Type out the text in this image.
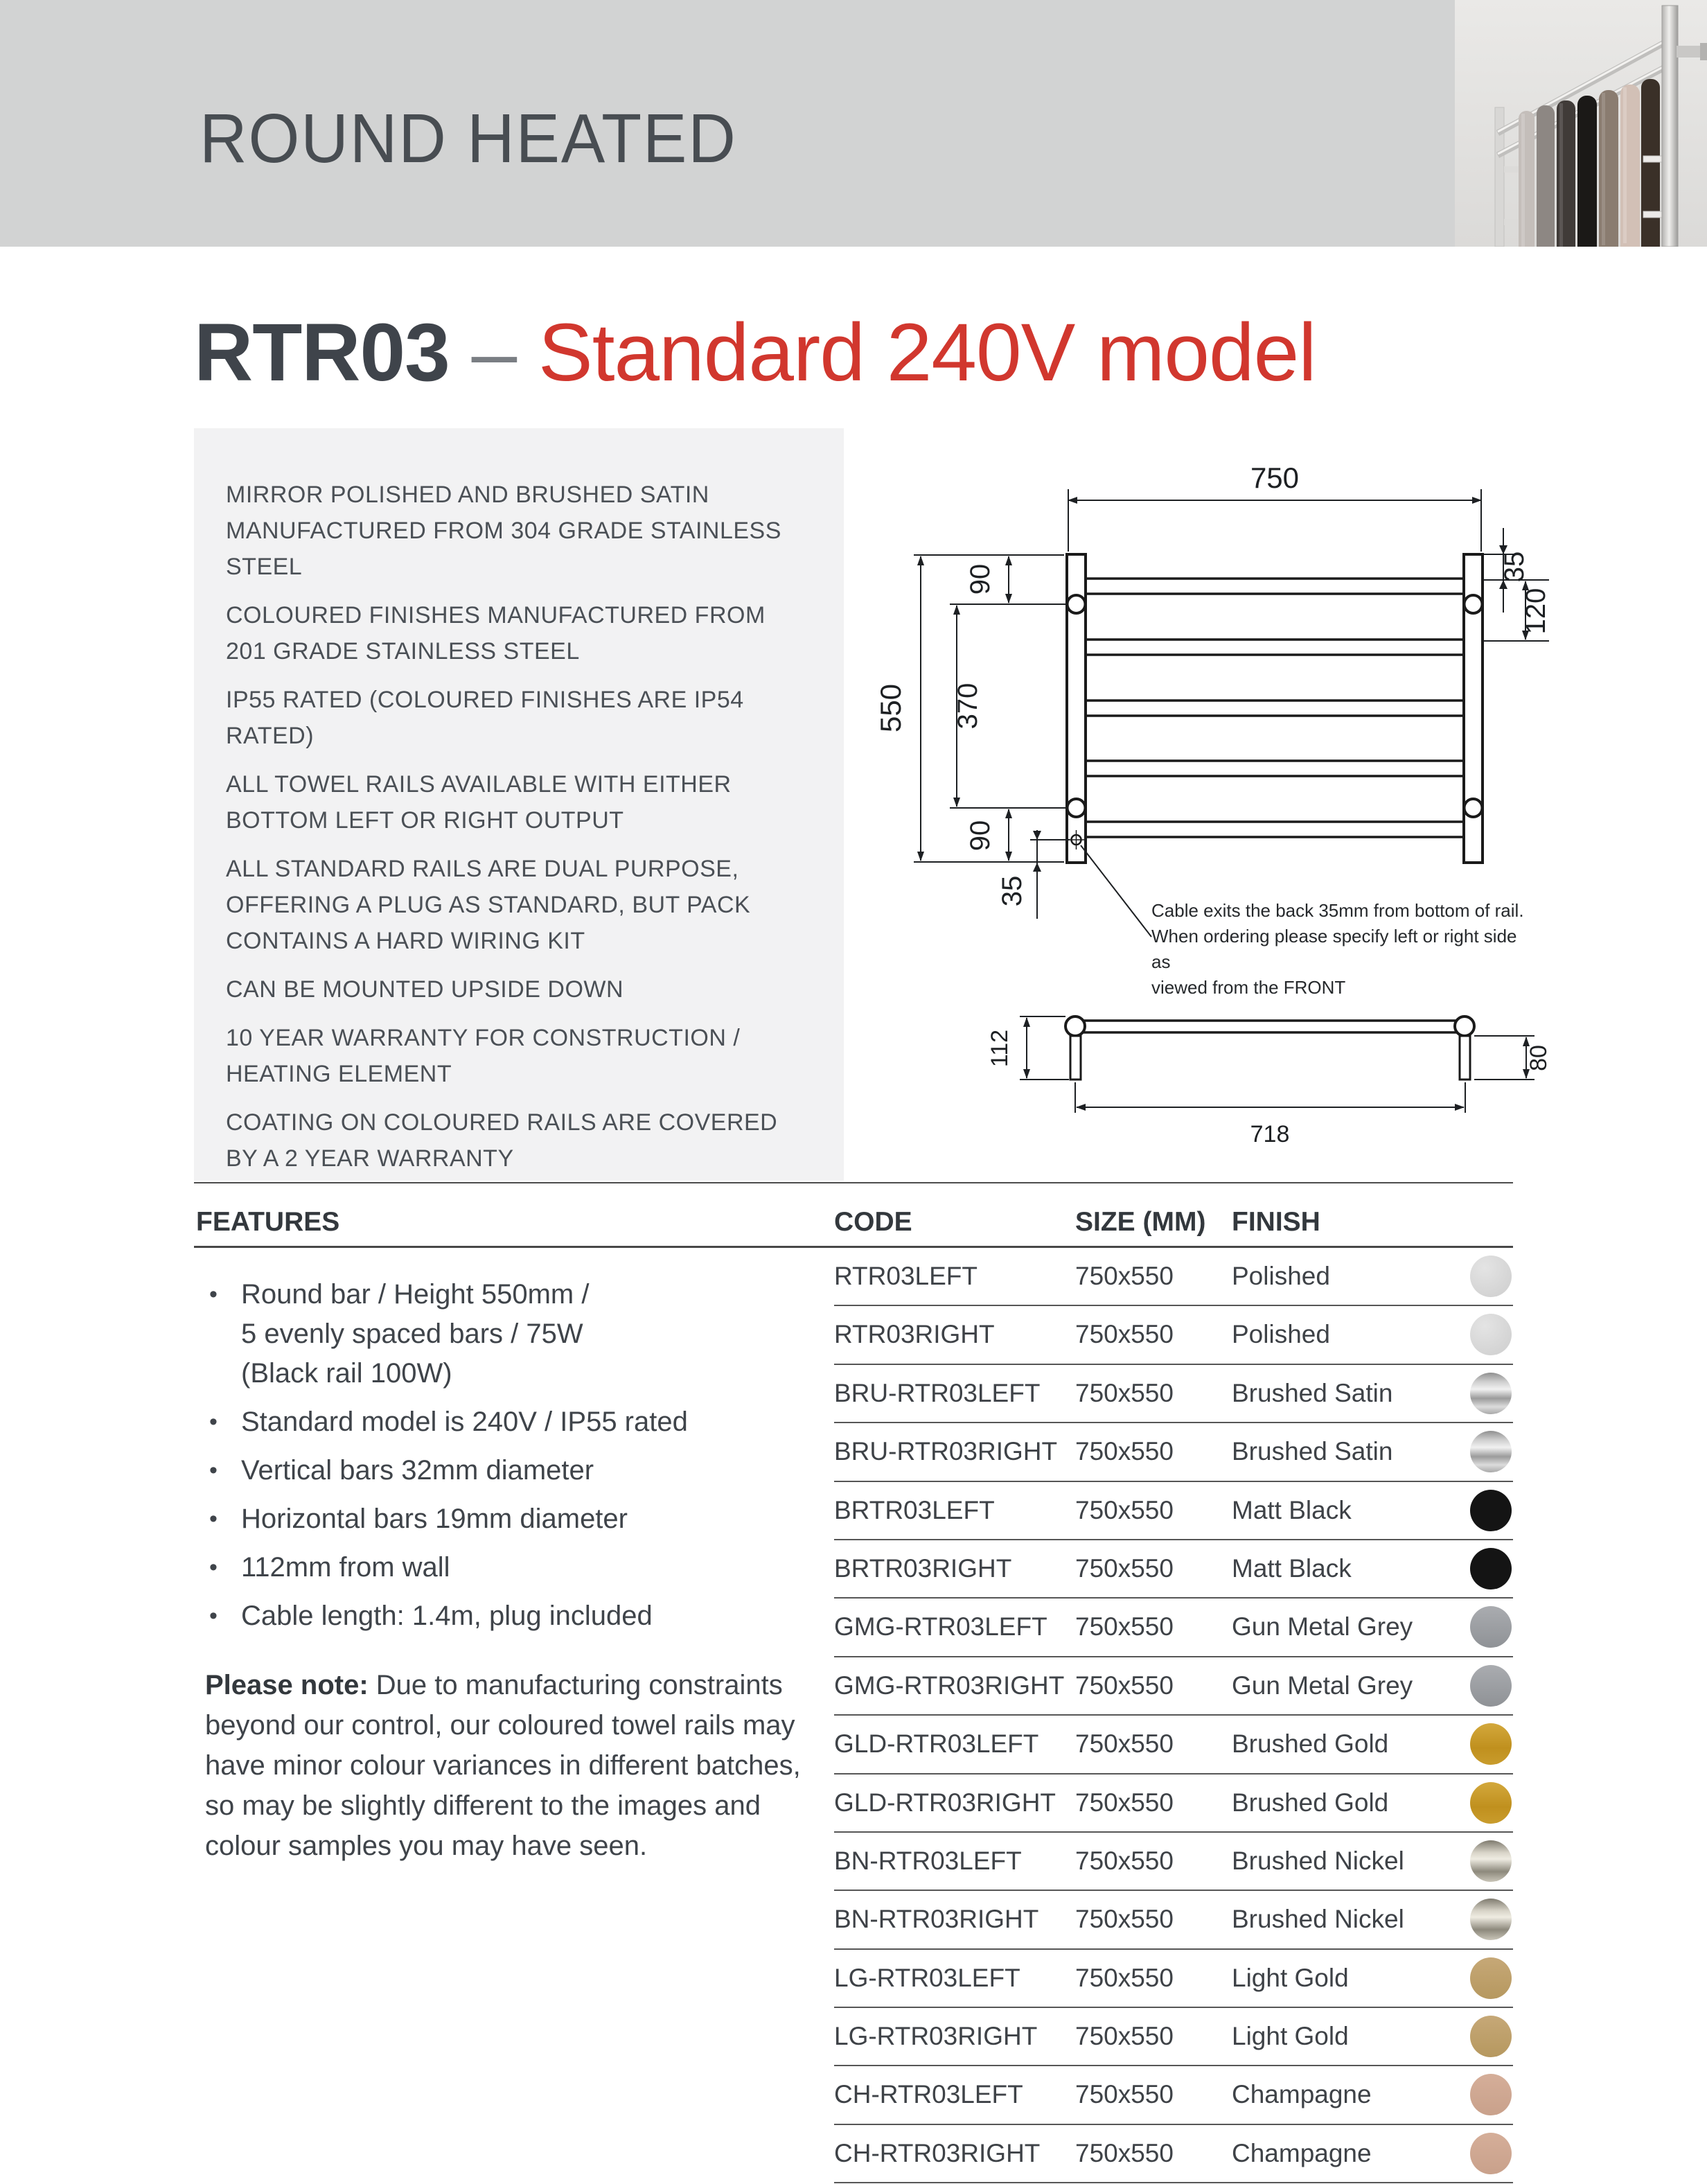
ROUND HEATED
RTR03 – Standard 240V model

MIRROR POLISHED AND BRUSHED SATIN MANUFACTURED FROM 304 GRADE STAINLESS STEEL

COLOURED FINISHES MANUFACTURED FROM 201 GRADE STAINLESS STEEL

IP55 RATED (COLOURED FINISHES ARE IP54 RATED)

ALL TOWEL RAILS AVAILABLE WITH EITHER BOTTOM LEFT OR RIGHT OUTPUT

ALL STANDARD RAILS ARE DUAL PURPOSE, OFFERING A PLUG AS STANDARD, BUT PACK CONTAINS A HARD WIRING KIT

CAN BE MOUNTED UPSIDE DOWN

10 YEAR WARRANTY FOR CONSTRUCTION / HEATING ELEMENT

COATING ON COLOURED RAILS ARE COVERED BY A 2 YEAR WARRANTY

750
550
90
370
90
35
35
120
Cable exits the back 35mm from bottom of rail.
When ordering please specify left or right side as
viewed from the FRONT
112	80
718
FEATURES	CODE	SIZE (MM) FINISH
• Round bar / Height 550mm /
5 evenly spaced bars / 75W
(Black rail 100W)
• Standard model is 240V / IP55 rated
• Vertical bars 32mm diameter
• Horizontal bars 19mm diameter
• 112mm from wall
• Cable length: 1.4m, plug included

Please note: Due to manufacturing constraints beyond our control, our coloured towel rails may have minor colour variances in different batches, so may be slightly different to the images and colour samples you may have seen.

RTR03LEFT	750x550 Polished
RTR03RIGHT	750x550 Polished
BRU-RTR03LEFT 750x550 Brushed Satin
BRU-RTR03RIGHT 750x550 Brushed Satin
BRTR03LEFT	750x550 Matt Black
BRTR03RIGHT 750x550 Matt Black
GMG-RTR03LEFT 750x550 Gun Metal Grey
GMG-RTR03RIGHT 750x550 Gun Metal Grey
GLD-RTR03LEFT 750x550 Brushed Gold
GLD-RTR03RIGHT 750x550 Brushed Gold
BN-RTR03LEFT 750x550 Brushed Nickel
BN-RTR03RIGHT 750x550 Brushed Nickel
LG-RTR03LEFT 750x550 Light Gold
LG-RTR03RIGHT 750x550 Light Gold
CH-RTR03LEFT 750x550 Champagne
CH-RTR03RIGHT 750x550 Champagne
